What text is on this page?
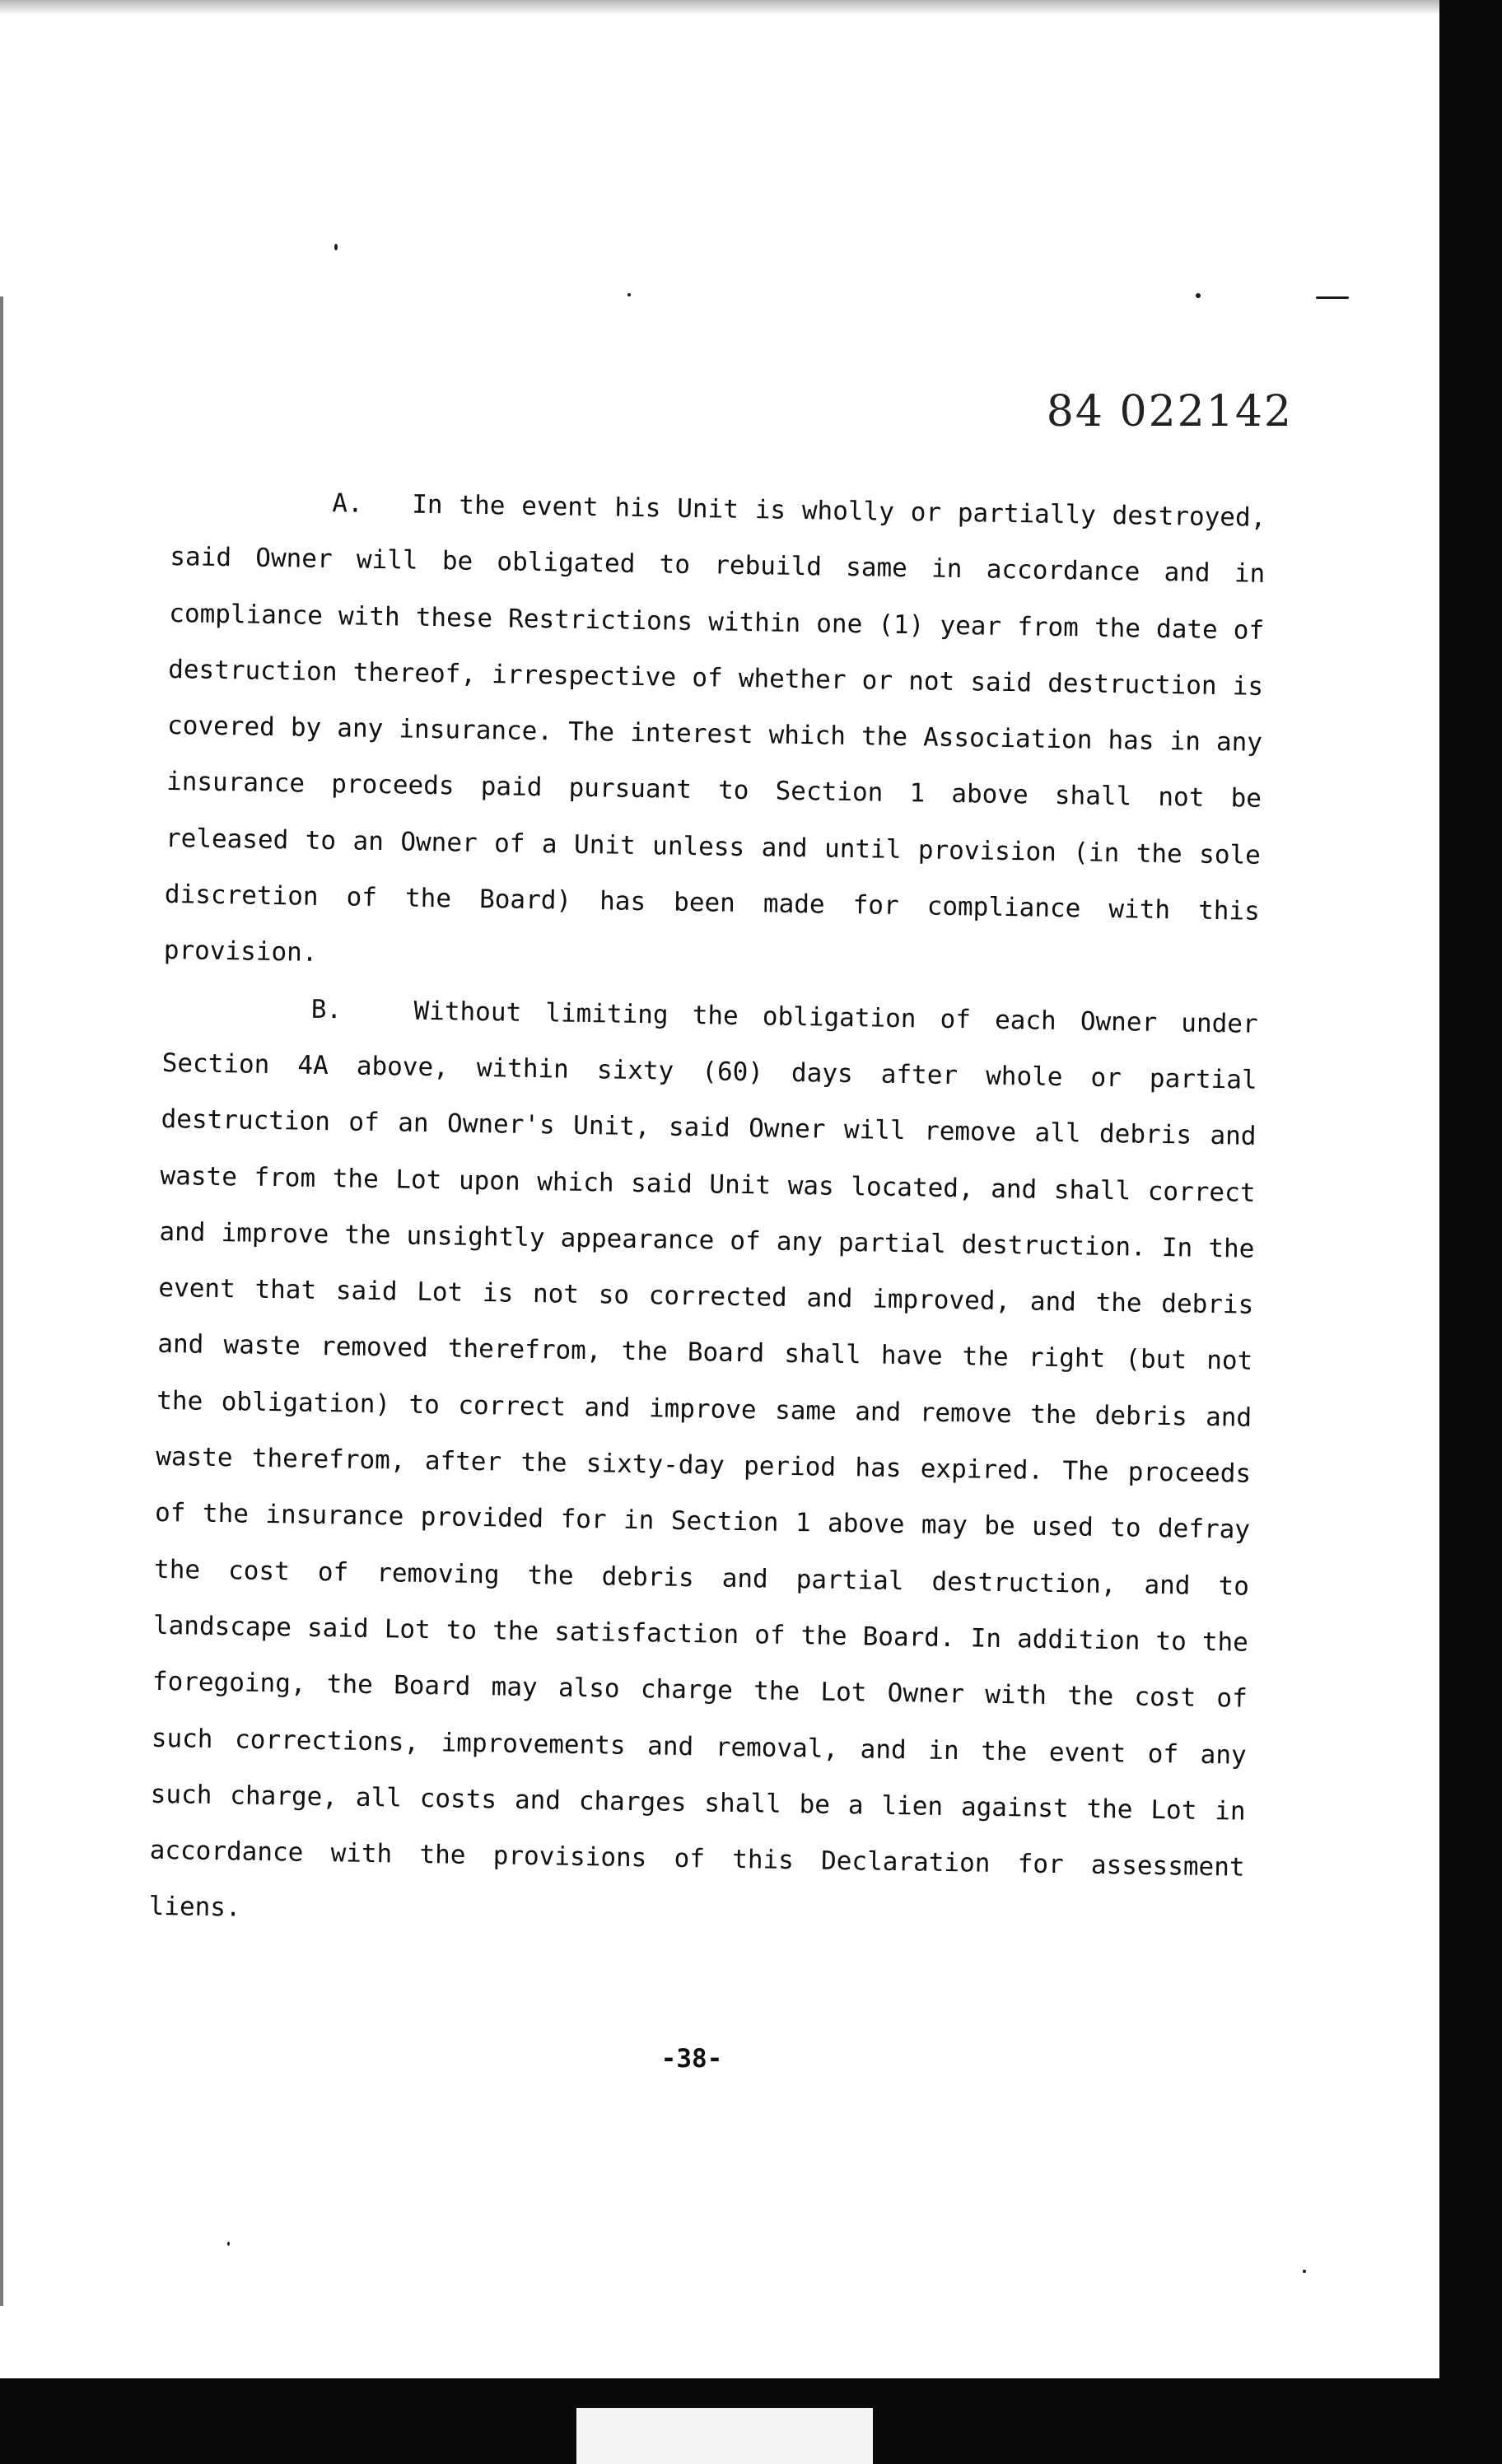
84 022142

A. In the event his Unit is wholly or partially destroyed, said Owner will be obligated to rebuild same in accordance and in compliance with these Restrictions within one (1) year from the date of destruction thereof, irrespective of whether or not said destruction is covered by any insurance. The interest which the Association has in any insurance proceeds paid pursuant to Section 1 above shall not be released to an Owner of a Unit unless and until provision (in the sole discretion of the Board) has been made for compliance with this provision.

B.	Without limiting the obligation of each Owner under Section 4A above, within sixty (60) days after whole or partial destruction of an Owner's Unit, said Owner will remove all debris and waste from the Lot upon which said Unit was located, and shall correct and improve the unsightly appearance of any partial destruction. In the event that said Lot is not so corrected and improved, and the debris and waste removed therefrom, the Board shall have the right (but not the obligation) to correct and improve same and remove the debris and waste therefrom, after the sixty-day period has expired. The proceeds of the insurance provided for in Section 1 above may be used to defray the cost of removing the debris and partial destruction, and to landscape said Lot to the satisfaction of the Board. In addition to the foregoing, the Board may also charge the Lot Owner with the cost of such corrections, improvements and removal, and in the event of any such charge, all costs and charges shall be a lien against the Lot in accordance with the provisions of this Declaration for assessment liens.

-38-
